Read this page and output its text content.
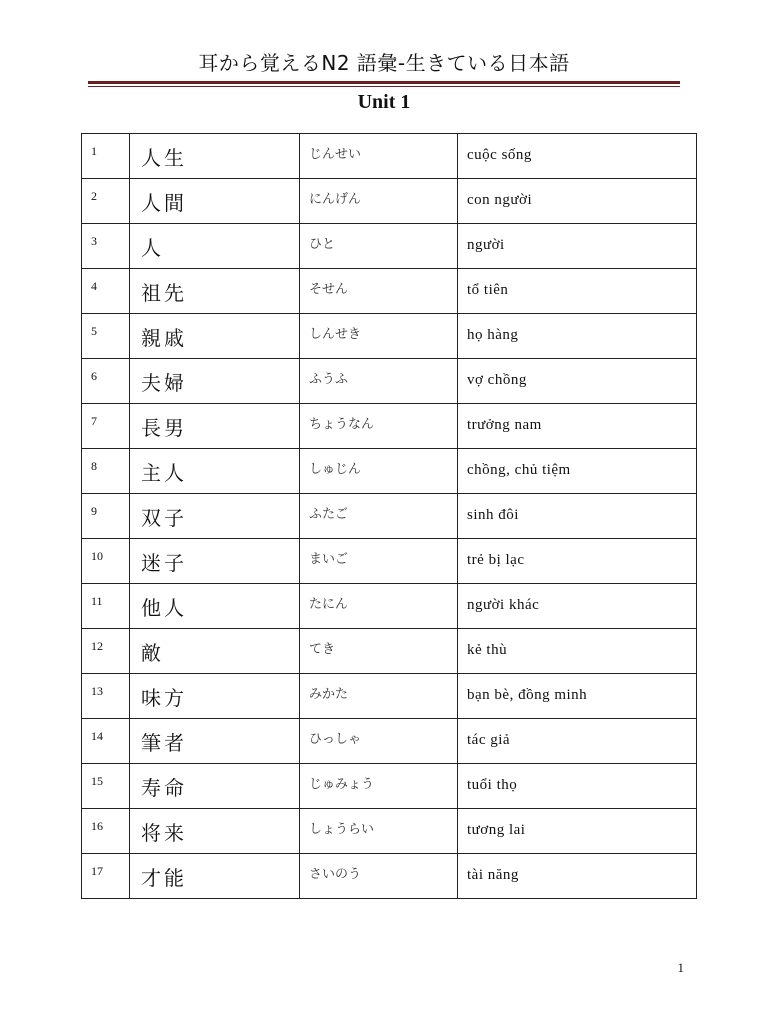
耳から覚えるN2 語彙-生きている日本語
Unit 1
1	人生	じんせい	cuộc sống

2	人間	にんげん	con người

3	人	ひと	người

4	祖先	そせん	tổ tiên

5	親戚	しんせき	họ hàng

6	夫婦	ふうふ	vợ chồng

7	長男	ちょうなん	trưởng nam

8	主人	しゅじん	chồng, chủ tiệm

9	双子	ふたご	sinh đôi

10	迷子	まいご	trẻ bị lạc

11	他人	たにん	người khác

12	敵	てき	kẻ thù

13	味方	みかた	bạn bè, đồng minh

14	筆者	ひっしゃ	tác giả

15	寿命	じゅみょう	tuổi thọ

16	将来	しょうらい	tương lai

17	才能	さいのう	tài năng
1
